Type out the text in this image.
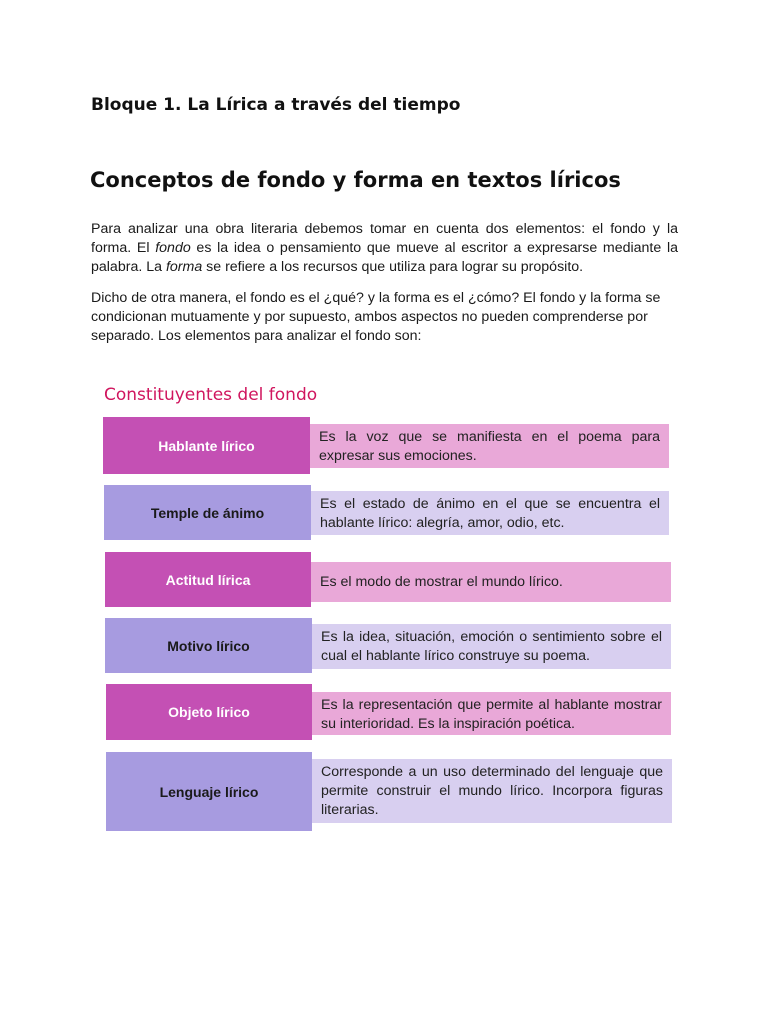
Bloque 1. La Lírica a través del tiempo
Conceptos de fondo y forma en textos líricos

Para analizar una obra literaria debemos tomar en cuenta dos elementos: el fondo y la forma. El fondo es la idea o pensamiento que mueve al escritor a expresarse mediante la palabra. La forma se refiere a los recursos que utiliza para lograr su propósito.

Dicho de otra manera, el fondo es el ¿qué? y la forma es el ¿cómo? El fondo y la forma se condicionan mutuamente y por supuesto, ambos aspectos no pueden comprenderse por separado. Los elementos para analizar el fondo son:

Constituyentes del fondo
Hablante lírico
Es la voz que se manifiesta en el poema para expresar sus emociones.
Temple de ánimo
Es el estado de ánimo en el que se encuentra el hablante lírico: alegría, amor, odio, etc.
Actitud lírica	Es el modo de mostrar el mundo lírico.
Motivo lírico
Es la idea, situación, emoción o sentimiento sobre el cual el hablante lírico construye su poema.
Objeto lírico	Es la representación que permite al hablante mostrar su interioridad. Es la inspiración poética.
Lenguaje lírico
Corresponde a un uso determinado del lenguaje que permite construir el mundo lírico. Incorpora figuras literarias.
